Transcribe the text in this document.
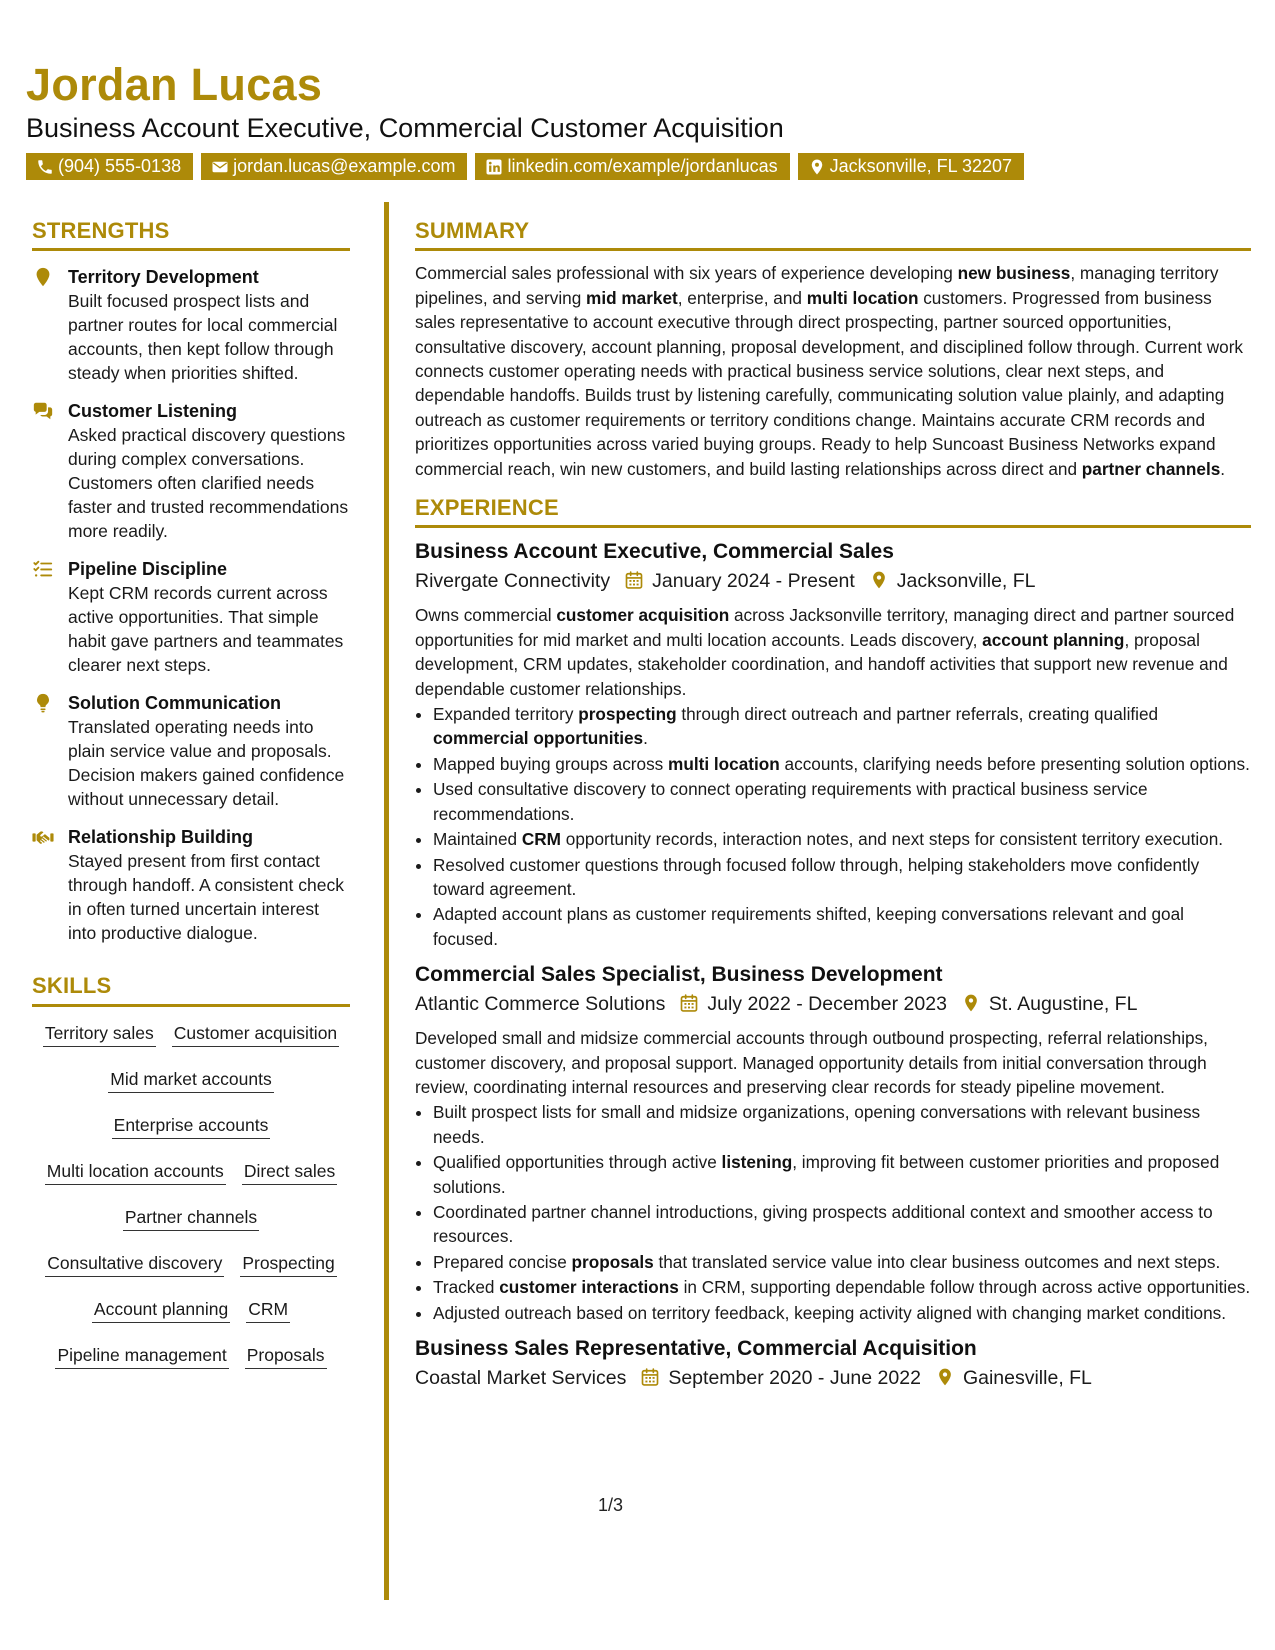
Jordan Lucas
Business Account Executive, Commercial Customer Acquisition
(904) 555-0138	jordan.lucas@example.com	linkedin.com/example/jordanlucas	Jacksonville, FL 32207
STRENGTHS
Territory Development
Built focused prospect lists and partner routes for local commercial accounts, then kept follow through steady when priorities shifted.
Customer Listening
Asked practical discovery questions during complex conversations. Customers often clarified needs faster and trusted recommendations more readily.
Pipeline Discipline
Kept CRM records current across active opportunities. That simple habit gave partners and teammates clearer next steps.
Solution Communication
Translated operating needs into plain service value and proposals. Decision makers gained confidence without unnecessary detail.
Relationship Building
Stayed present from first contact through handoff. A consistent check in often turned uncertain interest into productive dialogue.
SKILLS
Territory sales Customer acquisition
Mid market accounts
Enterprise accounts
Multi location accounts Direct sales
Partner channels
Consultative discovery Prospecting
Account planning CRM
Pipeline management Proposals
SUMMARY

Commercial sales professional with six years of experience developing new business, managing territory pipelines, and serving mid market, enterprise, and multi location customers. Progressed from business sales representative to account executive through direct prospecting, partner sourced opportunities, consultative discovery, account planning, proposal development, and disciplined follow through. Current work connects customer operating needs with practical business service solutions, clear next steps, and dependable handoffs. Builds trust by listening carefully, communicating solution value plainly, and adapting outreach as customer requirements or territory conditions change. Maintains accurate CRM records and prioritizes opportunities across varied buying groups. Ready to help Suncoast Business Networks expand commercial reach, win new customers, and build lasting relationships across direct and partner channels.

EXPERIENCE
Business Account Executive, Commercial Sales
Rivergate Connectivity January 2024 - Present Jacksonville, FL
Owns commercial customer acquisition across Jacksonville territory, managing direct and partner sourced opportunities for mid market and multi location accounts. Leads discovery, account planning, proposal development, CRM updates, stakeholder coordination, and handoff activities that support new revenue and dependable customer relationships.
• Expanded territory prospecting through direct outreach and partner referrals, creating qualified commercial opportunities.
• Mapped buying groups across multi location accounts, clarifying needs before presenting solution options.
• Used consultative discovery to connect operating requirements with practical business service recommendations.
• Maintained CRM opportunity records, interaction notes, and next steps for consistent territory execution.
• Resolved customer questions through focused follow through, helping stakeholders move confidently toward agreement.
• Adapted account plans as customer requirements shifted, keeping conversations relevant and goal focused.
Commercial Sales Specialist, Business Development
Atlantic Commerce Solutions July 2022 - December 2023 St. Augustine, FL
Developed small and midsize commercial accounts through outbound prospecting, referral relationships, customer discovery, and proposal support. Managed opportunity details from initial conversation through review, coordinating internal resources and preserving clear records for steady pipeline movement.
• Built prospect lists for small and midsize organizations, opening conversations with relevant business needs.
• Qualified opportunities through active listening, improving fit between customer priorities and proposed solutions.
• Coordinated partner channel introductions, giving prospects additional context and smoother access to resources.
• Prepared concise proposals that translated service value into clear business outcomes and next steps.
• Tracked customer interactions in CRM, supporting dependable follow through across active opportunities.
• Adjusted outreach based on territory feedback, keeping activity aligned with changing market conditions.
Business Sales Representative, Commercial Acquisition
Coastal Market Services September 2020 - June 2022 Gainesville, FL
1/3
